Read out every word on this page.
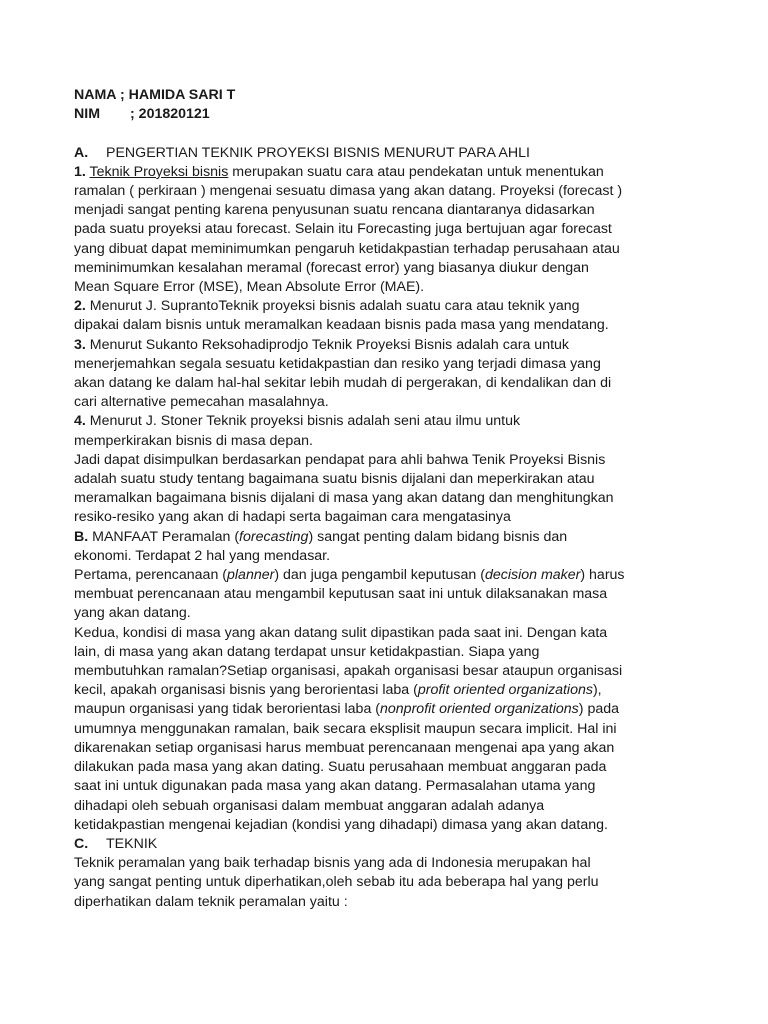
NAMA ; HAMIDA SARI T
NIM ; 201820121
A. PENGERTIAN TEKNIK PROYEKSI BISNIS MENURUT PARA AHLI
1. Teknik Proyeksi bisnis merupakan suatu cara atau pendekatan untuk menentukan
ramalan ( perkiraan ) mengenai sesuatu dimasa yang akan datang. Proyeksi (forecast )
menjadi sangat penting karena penyusunan suatu rencana diantaranya didasarkan
pada suatu proyeksi atau forecast. Selain itu Forecasting juga bertujuan agar forecast
yang dibuat dapat meminimumkan pengaruh ketidakpastian terhadap perusahaan atau
meminimumkan kesalahan meramal (forecast error) yang biasanya diukur dengan
Mean Square Error (MSE), Mean Absolute Error (MAE).
2. Menurut J. SuprantoTeknik proyeksi bisnis adalah suatu cara atau teknik yang
dipakai dalam bisnis untuk meramalkan keadaan bisnis pada masa yang mendatang.
3. Menurut Sukanto Reksohadiprodjo Teknik Proyeksi Bisnis adalah cara untuk
menerjemahkan segala sesuatu ketidakpastian dan resiko yang terjadi dimasa yang
akan datang ke dalam hal-hal sekitar lebih mudah di pergerakan, di kendalikan dan di
cari alternative pemecahan masalahnya.
4. Menurut J. Stoner Teknik proyeksi bisnis adalah seni atau ilmu untuk
memperkirakan bisnis di masa depan.
Jadi dapat disimpulkan berdasarkan pendapat para ahli bahwa Tenik Proyeksi Bisnis
adalah suatu study tentang bagaimana suatu bisnis dijalani dan meperkirakan atau
meramalkan bagaimana bisnis dijalani di masa yang akan datang dan menghitungkan
resiko-resiko yang akan di hadapi serta bagaiman cara mengatasinya
B. MANFAAT Peramalan (forecasting) sangat penting dalam bidang bisnis dan
ekonomi. Terdapat 2 hal yang mendasar.
Pertama, perencanaan (planner) dan juga pengambil keputusan (decision maker) harus
membuat perencanaan atau mengambil keputusan saat ini untuk dilaksanakan masa
yang akan datang.
Kedua, kondisi di masa yang akan datang sulit dipastikan pada saat ini. Dengan kata
lain, di masa yang akan datang terdapat unsur ketidakpastian. Siapa yang
membutuhkan ramalan?Setiap organisasi, apakah organisasi besar ataupun organisasi
kecil, apakah organisasi bisnis yang berorientasi laba (profit oriented organizations),
maupun organisasi yang tidak berorientasi laba (nonprofit oriented organizations) pada
umumnya menggunakan ramalan, baik secara eksplisit maupun secara implicit. Hal ini
dikarenakan setiap organisasi harus membuat perencanaan mengenai apa yang akan
dilakukan pada masa yang akan dating. Suatu perusahaan membuat anggaran pada
saat ini untuk digunakan pada masa yang akan datang. Permasalahan utama yang
dihadapi oleh sebuah organisasi dalam membuat anggaran adalah adanya
ketidakpastian mengenai kejadian (kondisi yang dihadapi) dimasa yang akan datang.
C. TEKNIK
Teknik peramalan yang baik terhadap bisnis yang ada di Indonesia merupakan hal
yang sangat penting untuk diperhatikan,oleh sebab itu ada beberapa hal yang perlu
diperhatikan dalam teknik peramalan yaitu :
